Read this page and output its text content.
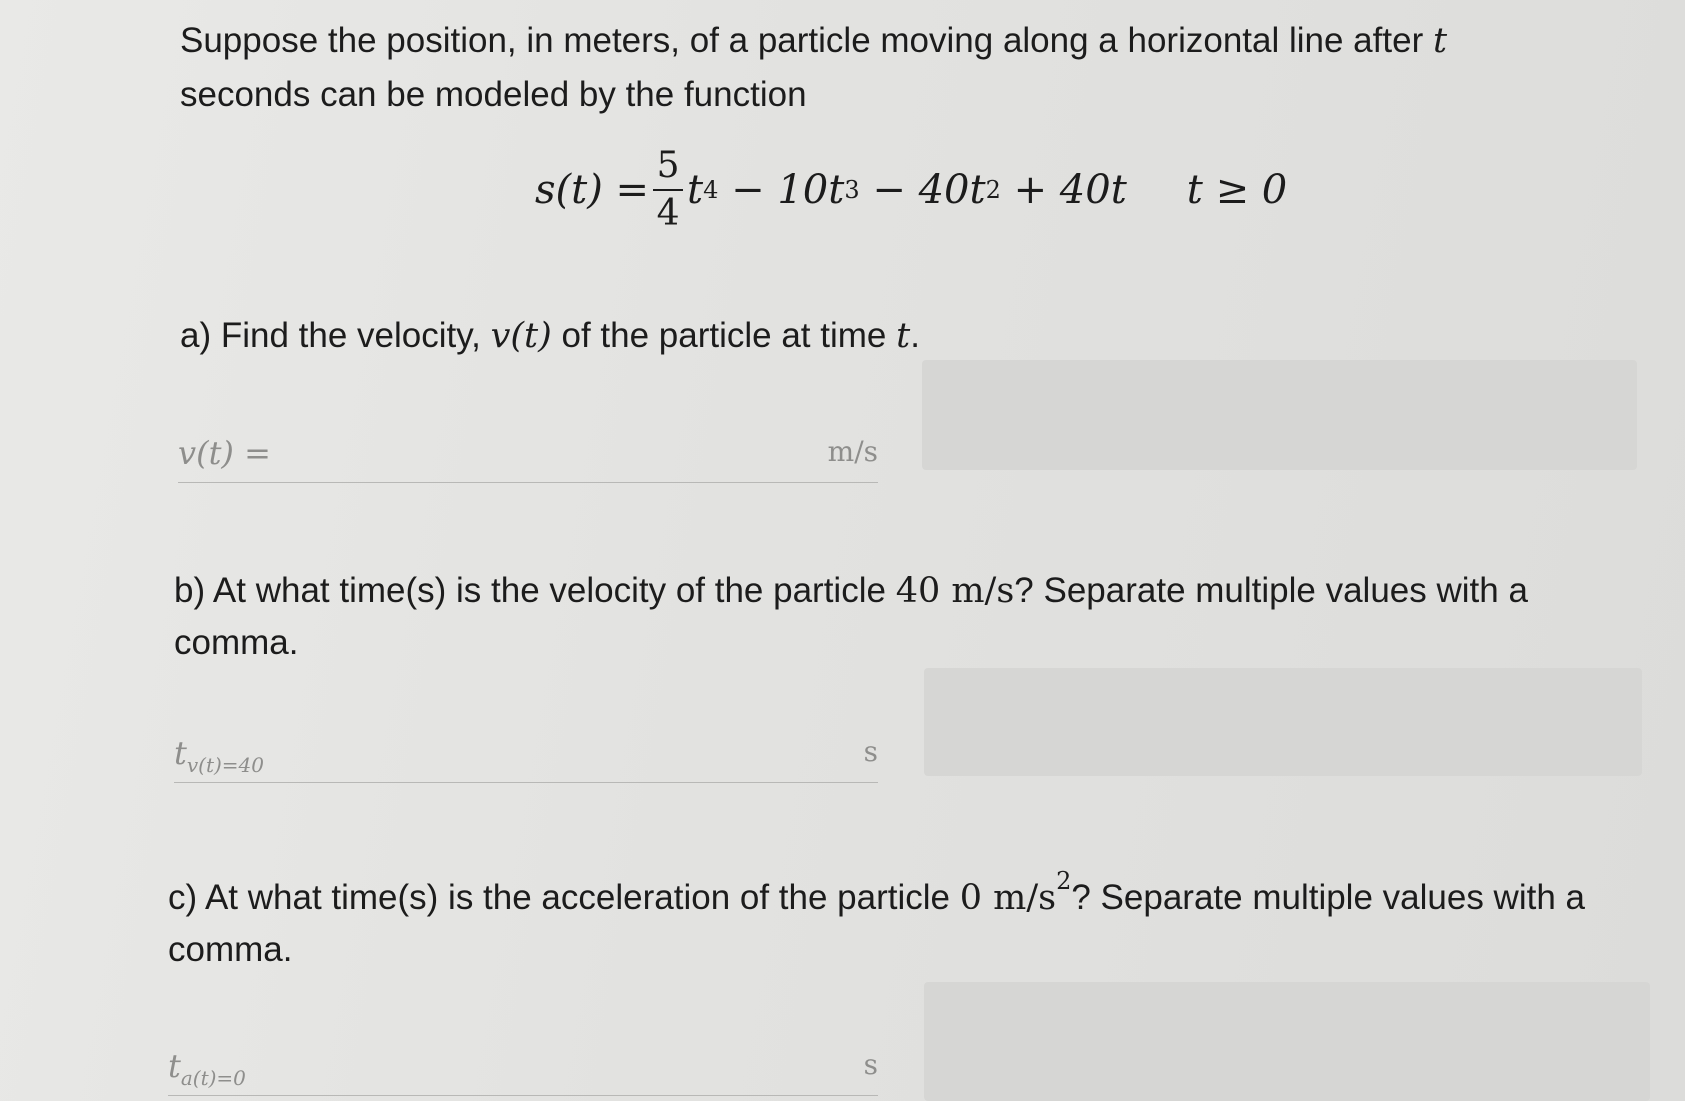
Suppose the position, in meters, of a particle moving along a horizontal line after t
seconds can be modeled by the function
$s(t) = \frac{5}{4}$ t 4
−
10t 3
−
40t 2
+
40t t ≥ 0
a) Find the velocity, v(t) of the particle at time t.
v(t) =	m/s
b) At what time(s) is the velocity of the particle 40 m/s? Separate multiple values with a comma.
$t_{v(t)=40}$	s
c) At what time(s) is the acceleration of the particle 0 $m/s^2$? Separate multiple values with a comma.
$t_{a(t)=0}$	s
